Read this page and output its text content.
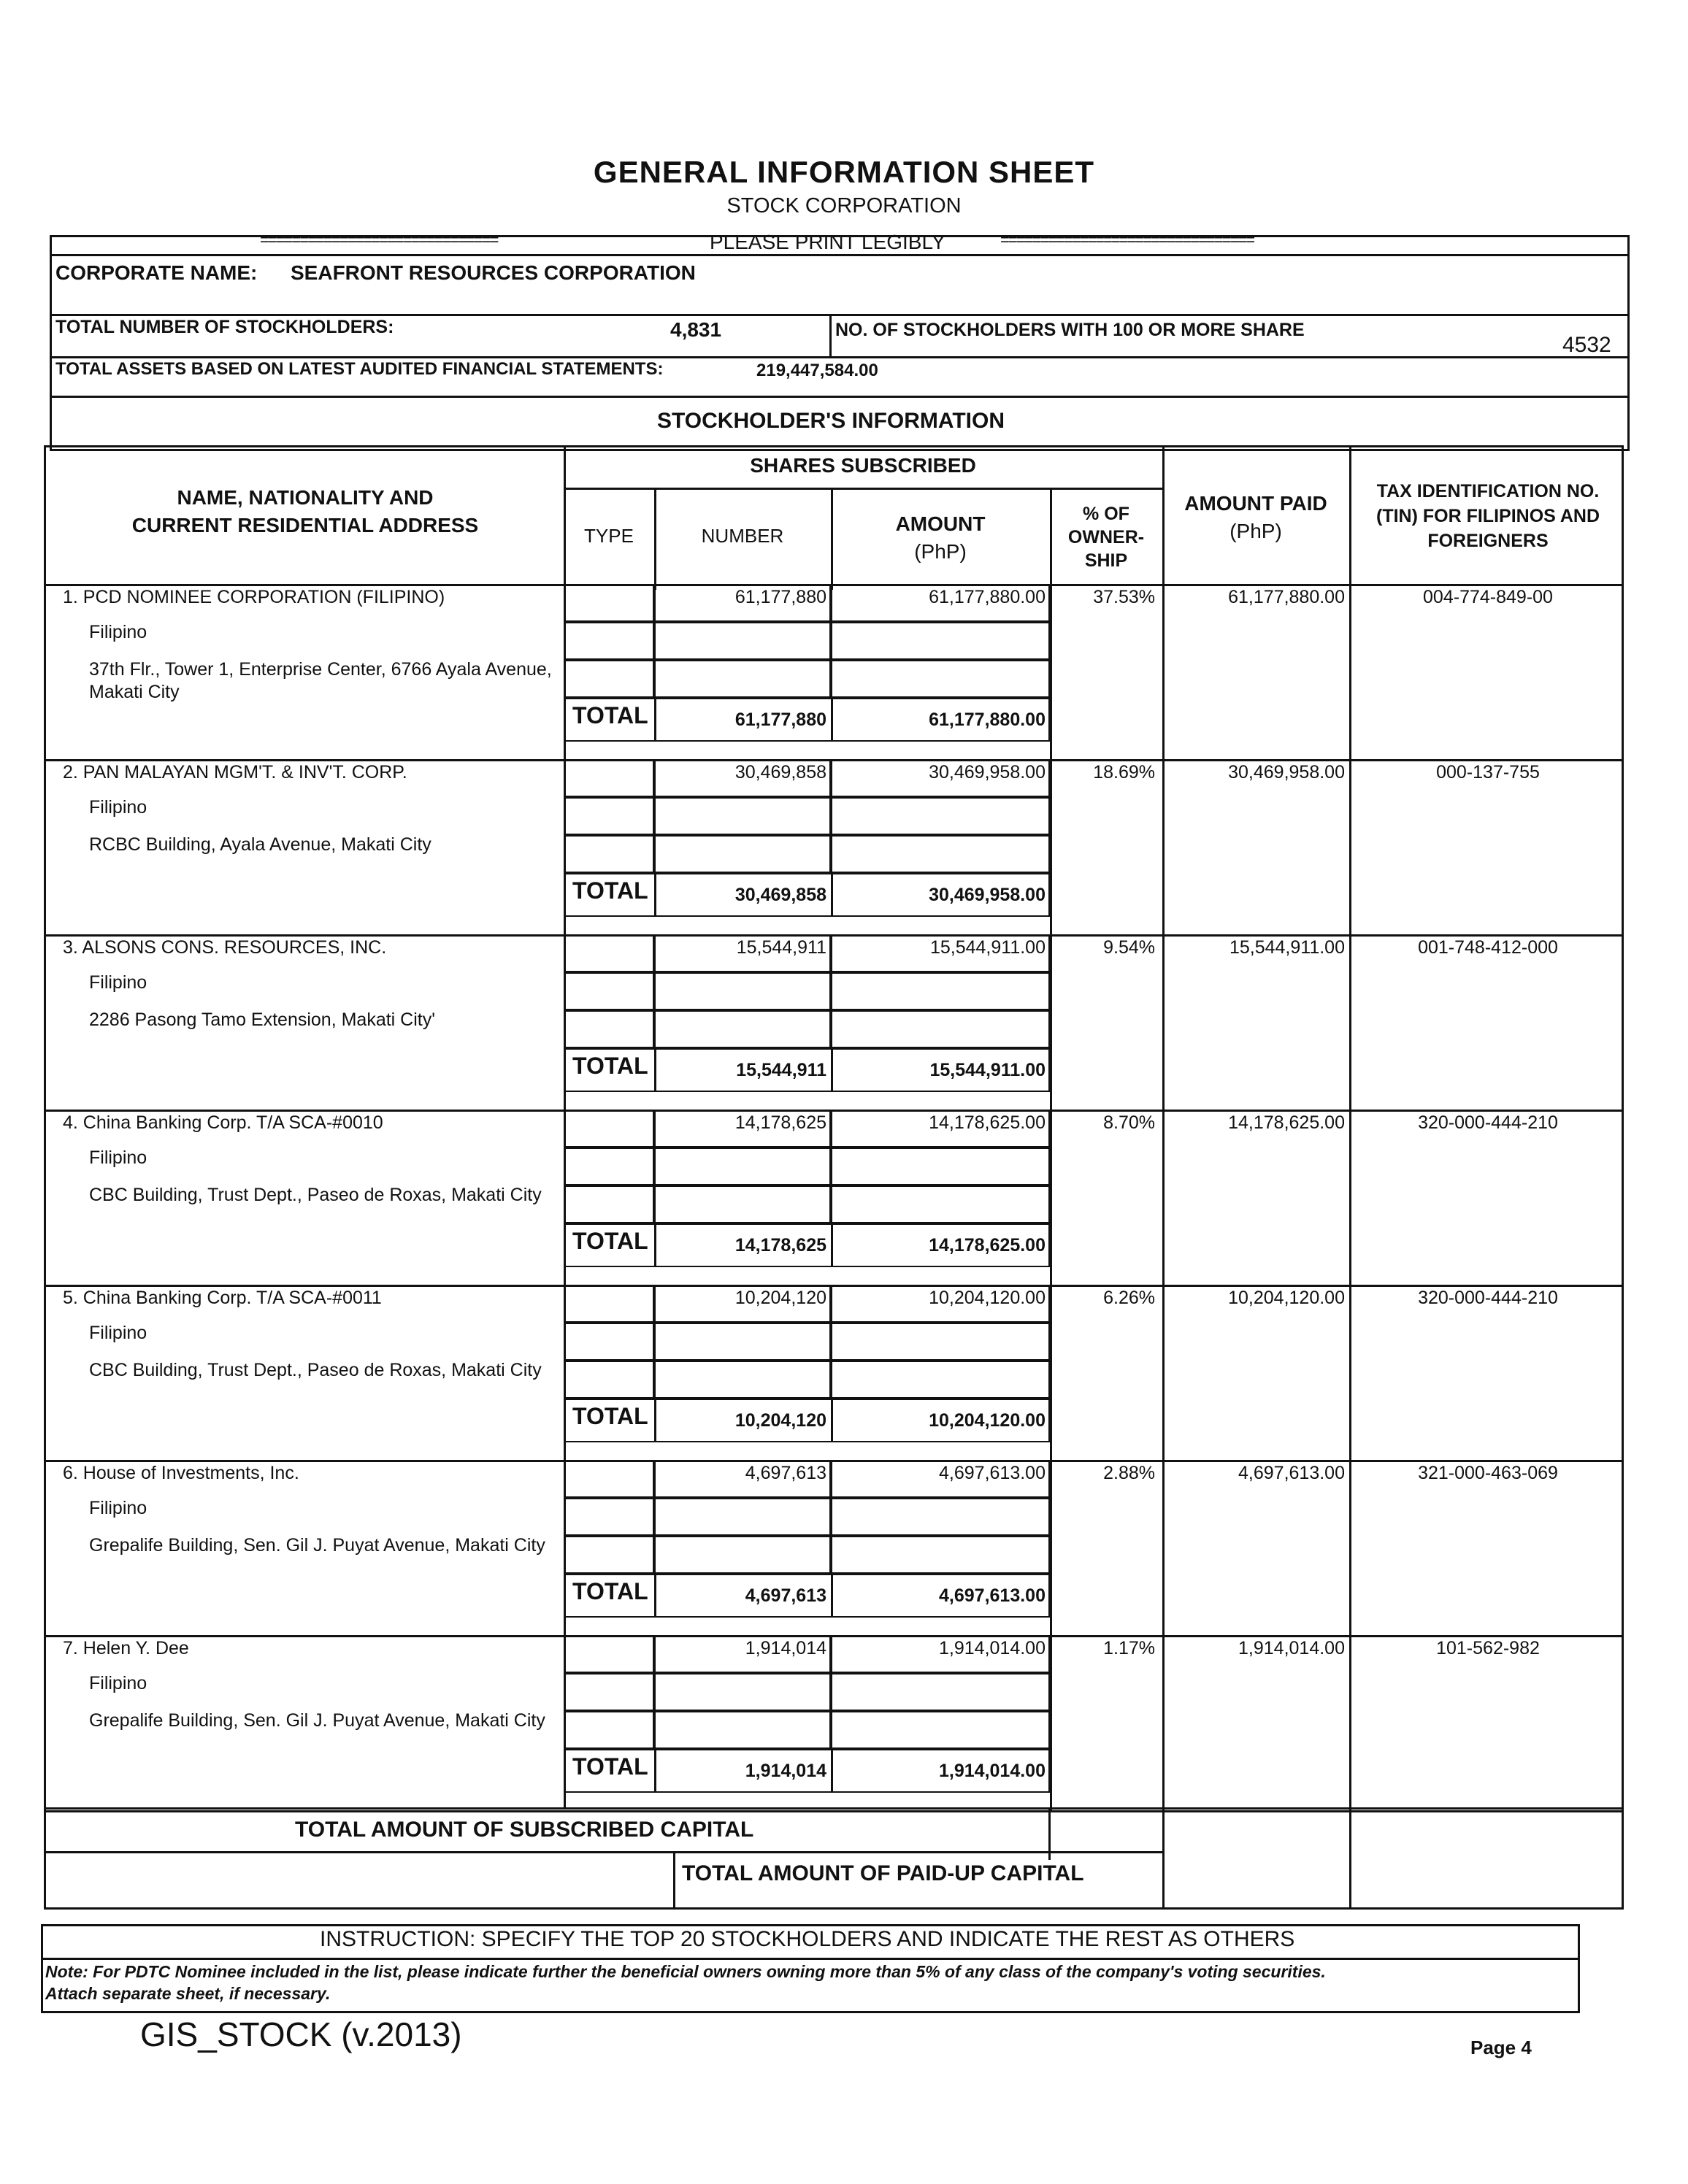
GENERAL INFORMATION SHEET
STOCK CORPORATION
==============================	PLEASE PRINT LEGIBLY	================================
CORPORATE NAME: SEAFRONT RESOURCES CORPORATION
TOTAL NUMBER OF STOCKHOLDERS:	4,831	NO. OF STOCKHOLDERS WITH 100 OR MORE SHARE
4532
TOTAL ASSETS BASED ON LATEST AUDITED FINANCIAL STATEMENTS:	219,447,584.00
STOCKHOLDER'S INFORMATION
NAME, NATIONALITY AND
CURRENT RESIDENTIAL ADDRESS
SHARES SUBSCRIBED
TYPE	NUMBER
AMOUNT
(PhP)
% OF
OWNER-
SHIP
AMOUNT PAID
(PhP)
TAX IDENTIFICATION NO.
(TIN) FOR FILIPINOS AND
FOREIGNERS
1. PCD NOMINEE CORPORATION (FILIPINO)
Filipino
37th Flr., Tower 1, Enterprise Center, 6766 Ayala Avenue, Makati City
61,177,880	61,177,880.00	37.53%	61,177,880.00	004-774-849-00
TOTAL	61,177,880	61,177,880.00
2. PAN MALAYAN MGM'T. & INV'T. CORP.
Filipino
RCBC Building, Ayala Avenue, Makati City
30,469,858	30,469,958.00	18.69%	30,469,958.00	000-137-755
TOTAL	30,469,858	30,469,958.00
3. ALSONS CONS. RESOURCES, INC.
Filipino
2286 Pasong Tamo Extension, Makati City'
15,544,911	15,544,911.00	9.54%	15,544,911.00	001-748-412-000
TOTAL	15,544,911	15,544,911.00
4. China Banking Corp. T/A SCA-#0010
Filipino
CBC Building, Trust Dept., Paseo de Roxas, Makati City
14,178,625	14,178,625.00	8.70%	14,178,625.00	320-000-444-210
TOTAL	14,178,625	14,178,625.00
5. China Banking Corp. T/A SCA-#0011
Filipino
CBC Building, Trust Dept., Paseo de Roxas, Makati City
10,204,120	10,204,120.00	6.26%	10,204,120.00	320-000-444-210
TOTAL	10,204,120	10,204,120.00
6. House of Investments, Inc.
Filipino
Grepalife Building, Sen. Gil J. Puyat Avenue, Makati City
4,697,613	4,697,613.00	2.88%	4,697,613.00	321-000-463-069
TOTAL	4,697,613	4,697,613.00
7. Helen Y. Dee
Filipino
Grepalife Building, Sen. Gil J. Puyat Avenue, Makati City
1,914,014	1,914,014.00	1.17%	1,914,014.00	101-562-982
TOTAL	1,914,014	1,914,014.00
TOTAL AMOUNT OF SUBSCRIBED CAPITAL
TOTAL AMOUNT OF PAID-UP CAPITAL
INSTRUCTION: SPECIFY THE TOP 20 STOCKHOLDERS AND INDICATE THE REST AS OTHERS
Note: For PDTC Nominee included in the list, please indicate further the beneficial owners owning more than 5% of any class of the company's voting securities.
Attach separate sheet, if necessary.
GIS_STOCK (v.2013)	Page 4
